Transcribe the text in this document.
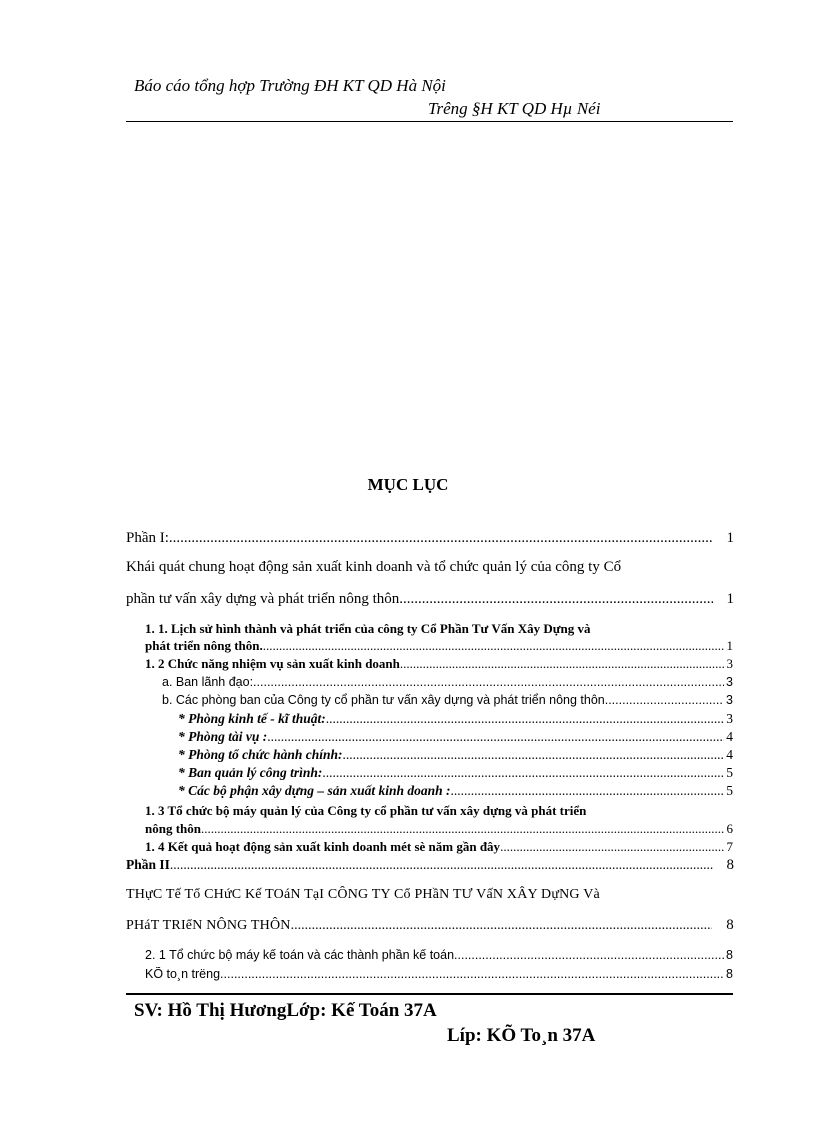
Báo cáo tổng hợp Trường ĐH KT QD Hà Nội
Trêng §H KT QD Hµ Néi
MỤC LỤC
Phần I: .....	1
Khái quát chung hoạt động sản xuất kinh doanh và tổ chức quản lý của công ty Cổ
phần tư vấn xây dựng và phát triển nông thôn. .....	1
1. 1. Lịch sử hình thành và phát triển của công ty Cổ Phần Tư Vấn Xây Dựng và
phát triển nông thôn. .....	1
1. 2 Chức năng nhiệm vụ sản xuất kinh doanh .....	3
a. Ban lãnh đạo: .....	3
b. Các phòng ban của Công ty cổ phần tư vấn xây dựng và phát triển nông thôn .....	3
* Phòng kinh tế - kĩ thuật: .....	3
* Phòng tài vụ : .....	4
* Phòng tổ chức hành chính: .....	4
* Ban quản lý công trình: .....	5
* Các bộ phận xây dựng – sản xuất kinh doanh : .....	5
1. 3 Tổ chức bộ máy quản lý của Công ty cổ phần tư vấn xây dựng và phát triển
nông thôn .....	6
1. 4 Kết quả hoạt động sản xuất kinh doanh mét sè năm gần đây .....	7
Phần II .....	8
THựC Tế Tổ CHứC Kế TOáN TạI CÔNG TY Cổ PHầN TƯ VấN XÂY DựNG Và
PHáT TRIểN NÔNG THÔN .....	8
2. 1 Tổ chức bộ máy kế toán và các thành phần kế toán. .....	8
KÕ to¸n trëng .....	8
SV: Hồ Thị HươngLớp: Kế Toán 37A
Líp: KÕ To¸n 37A
